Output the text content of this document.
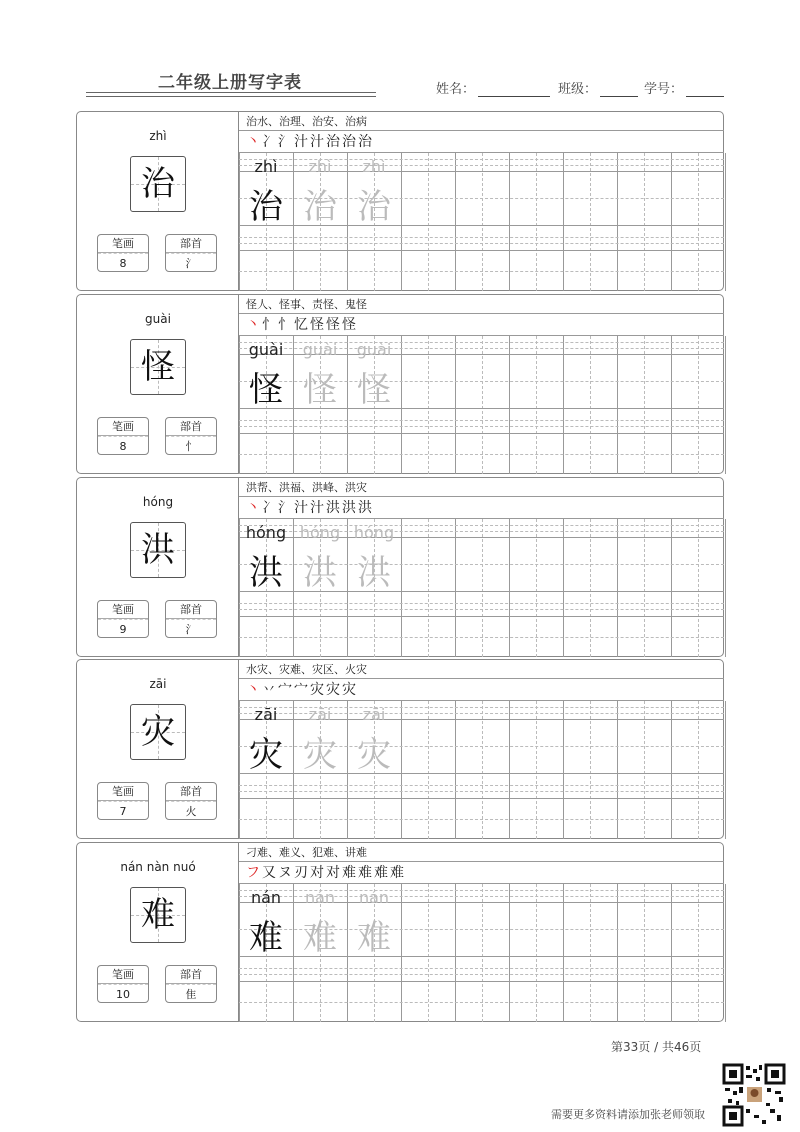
二年级上册写字表	姓名：	班级：	学号：
zhì
治
笔画
8
部首
氵
治水、治理、治安、治病
丶 冫 氵 汁 汁 治 治 治
zhì
治
zhì
治
zhì
治
guài
怪
笔画
8
部首
忄
怪人、怪事、责怪、鬼怪
丶 忄 忄 忆 怪 怪 怪
guài
怪
guài
怪
guài
怪
hóng
洪
笔画
9
部首
氵
洪帮、洪福、洪峰、洪灾
丶 冫 氵 汁 汁 洪 洪 洪
hóng
洪
hóng
洪
hóng
洪
zāi
灾
笔画
7
部首
火
水灾、灾难、灾区、火灾
丶 丷 宀 宀 灾 灾 灾
zāi
灾
zāi
灾
zāi
灾
nán nàn nuó
难
笔画
10
部首
隹
刁难、难义、犯难、讲难
フ 又 ヌ 刃 对 对 难 难 难 难
nán
难
nán
难
nán
难
第33页 / 共46页
需要更多资料请添加张老师领取
